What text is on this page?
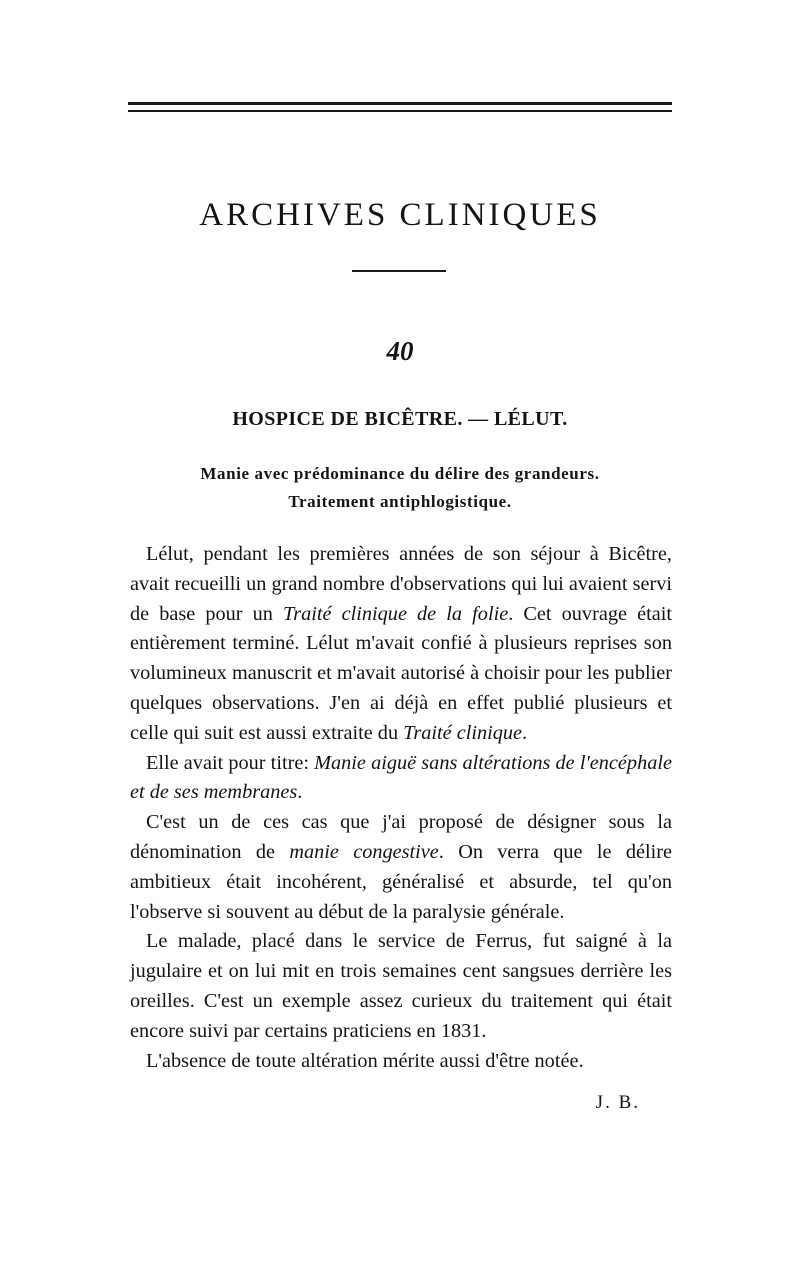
ARCHIVES CLINIQUES
40
HOSPICE DE BICÊTRE. — LÉLUT.
Manie avec prédominance du délire des grandeurs.
Traitement antiphlogistique.

Lélut, pendant les premières années de son séjour à Bicêtre, avait recueilli un grand nombre d'observations qui lui avaient servi de base pour un Traité clinique de la folie. Cet ouvrage était entièrement terminé. Lélut m'avait confié à plusieurs reprises son volumineux manuscrit et m'avait autorisé à choisir pour les publier quelques observations. J'en ai déjà en effet publié plusieurs et celle qui suit est aussi extraite du Traité clinique.

Elle avait pour titre: Manie aiguë sans altérations de l'encéphale et de ses membranes.

C'est un de ces cas que j'ai proposé de désigner sous la dénomination de manie congestive. On verra que le délire ambitieux était incohérent, généralisé et absurde, tel qu'on l'observe si souvent au début de la paralysie générale.

Le malade, placé dans le service de Ferrus, fut saigné à la jugulaire et on lui mit en trois semaines cent sangsues derrière les oreilles. C'est un exemple assez curieux du traitement qui était encore suivi par certains praticiens en 1831.

L'absence de toute altération mérite aussi d'être notée.

J. B.
